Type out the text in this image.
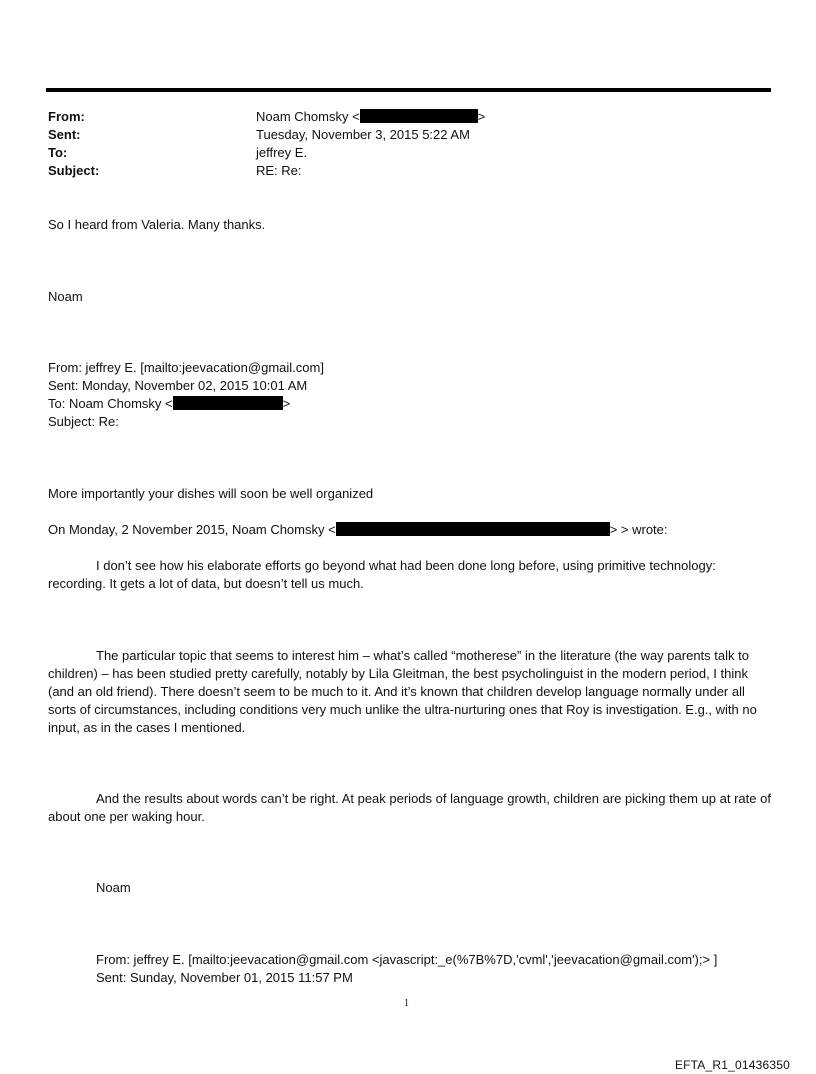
From:	Noam Chomsky <	>
Sent:	Tuesday, November 3, 2015 5:22 AM
To:	jeffrey E.
Subject:	RE: Re:
So I heard from Valeria. Many thanks.
Noam
From: jeffrey E. [mailto:jeevacation@gmail.com]
Sent: Monday, November 02, 2015 10:01 AM
To: Noam Chomsky <	>
Subject: Re:
More importantly your dishes will soon be well organized
On Monday, 2 November 2015, Noam Chomsky <	> > wrote:
I don’t see how his elaborate efforts go beyond what had been done long before, using primitive technology: recording. It gets a lot of data, but doesn’t tell us much.
The particular topic that seems to interest him – what’s called “motherese” in the literature (the way parents talk to children) – has been studied pretty carefully, notably by Lila Gleitman, the best psycholinguist in the modern period, I think (and an old friend). There doesn’t seem to be much to it. And it’s known that children develop language normally under all sorts of circumstances, including conditions very much unlike the ultra-nurturing ones that Roy is investigation. E.g., with no input, as in the cases I mentioned.
And the results about words can’t be right. At peak periods of language growth, children are picking them up at rate of about one per waking hour.
Noam
From: jeffrey E. [mailto:jeevacation@gmail.com <javascript:_e(%7B%7D,'cvml','jeevacation@gmail.com');> ]
Sent: Sunday, November 01, 2015 11:57 PM
1
EFTA_R1_01436350
